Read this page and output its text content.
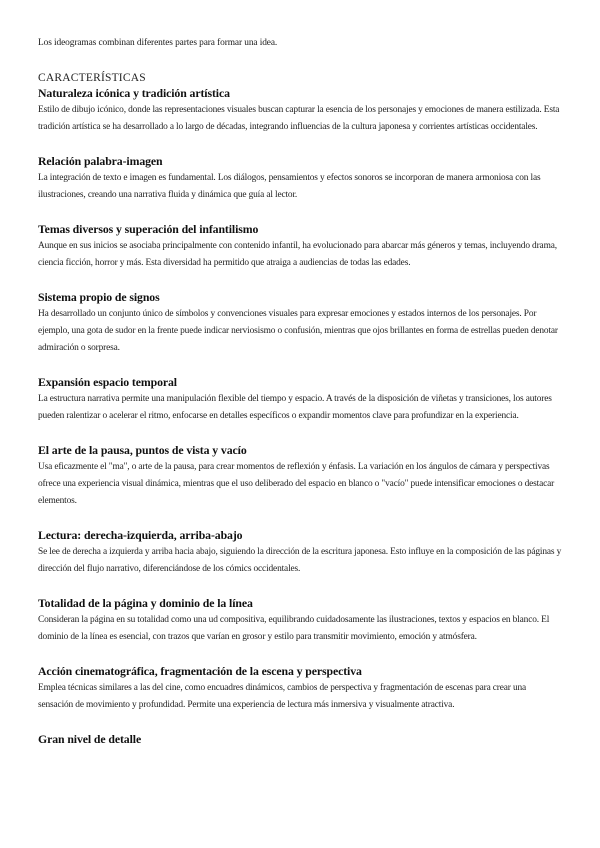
Los ideogramas combinan diferentes partes para formar una idea.

CARACTERÍSTICAS
Naturaleza icónica y tradición artística

Estilo de dibujo icónico, donde las representaciones visuales buscan capturar la esencia de los personajes y emociones de manera estilizada. Esta tradición artística se ha desarrollado a lo largo de décadas, integrando influencias de la cultura japonesa y corrientes artísticas occidentales.

Relación palabra-imagen

La integración de texto e imagen es fundamental. Los diálogos, pensamientos y efectos sonoros se incorporan de manera armoniosa con las ilustraciones, creando una narrativa fluida y dinámica que guía al lector.

Temas diversos y superación del infantilismo

Aunque en sus inicios se asociaba principalmente con contenido infantil, ha evolucionado para abarcar más géneros y temas, incluyendo drama, ciencia ficción, horror y más. Esta diversidad ha permitido que atraiga a audiencias de todas las edades.

Sistema propio de signos

Ha desarrollado un conjunto único de símbolos y convenciones visuales para expresar emociones y estados internos de los personajes. Por ejemplo, una gota de sudor en la frente puede indicar nerviosismo o confusión, mientras que ojos brillantes en forma de estrellas pueden denotar admiración o sorpresa.

Expansión espacio temporal

La estructura narrativa permite una manipulación flexible del tiempo y espacio. A través de la disposición de viñetas y transiciones, los autores pueden ralentizar o acelerar el ritmo, enfocarse en detalles específicos o expandir momentos clave para profundizar en la experiencia.

El arte de la pausa, puntos de vista y vacío

Usa eficazmente el "ma", o arte de la pausa, para crear momentos de reflexión y énfasis. La variación en los ángulos de cámara y perspectivas ofrece una experiencia visual dinámica, mientras que el uso deliberado del espacio en blanco o "vacío" puede intensificar emociones o destacar elementos.

Lectura: derecha-izquierda, arriba-abajo

Se lee de derecha a izquierda y arriba hacia abajo, siguiendo la dirección de la escritura japonesa. Esto influye en la composición de las páginas y dirección del flujo narrativo, diferenciándose de los cómics occidentales.

Totalidad de la página y dominio de la línea

Consideran la página en su totalidad como una ud compositiva, equilibrando cuidadosamente las ilustraciones, textos y espacios en blanco. El dominio de la línea es esencial, con trazos que varían en grosor y estilo para transmitir movimiento, emoción y atmósfera.

Acción cinematográfica, fragmentación de la escena y perspectiva

Emplea técnicas similares a las del cine, como encuadres dinámicos, cambios de perspectiva y fragmentación de escenas para crear una sensación de movimiento y profundidad. Permite una experiencia de lectura más inmersiva y visualmente atractiva.

Gran nivel de detalle
